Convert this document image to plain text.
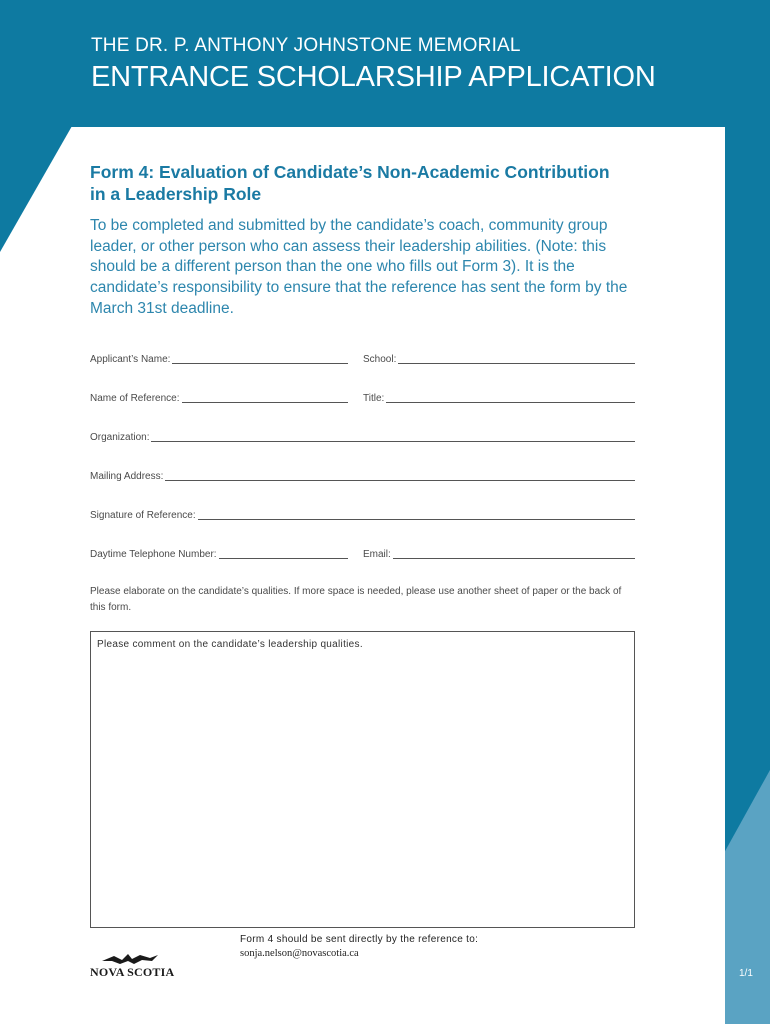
THE DR. P. ANTHONY JOHNSTONE MEMORIAL
ENTRANCE SCHOLARSHIP APPLICATION
Form 4: Evaluation of Candidate’s Non-Academic Contribution
in a Leadership Role

To be completed and submitted by the candidate’s coach, community group leader, or other person who can assess their leadership abilities. (Note: this should be a different person than the one who fills out Form 3). It is the candidate’s responsibility to ensure that the reference has sent the form by the March 31st deadline.

Applicant’s Name:	School:
Name of Reference:	Title:
Organization:
Mailing Address:
Signature of Reference:
Daytime Telephone Number:	Email:

Please elaborate on the candidate’s qualities. If more space is needed, please use another sheet of paper or the back of this form.

Please comment on the candidate’s leadership qualities.
Form 4 should be sent directly by the reference to:
sonja.nelson@novascotia.ca
NOVA SCOTIA	1/1
